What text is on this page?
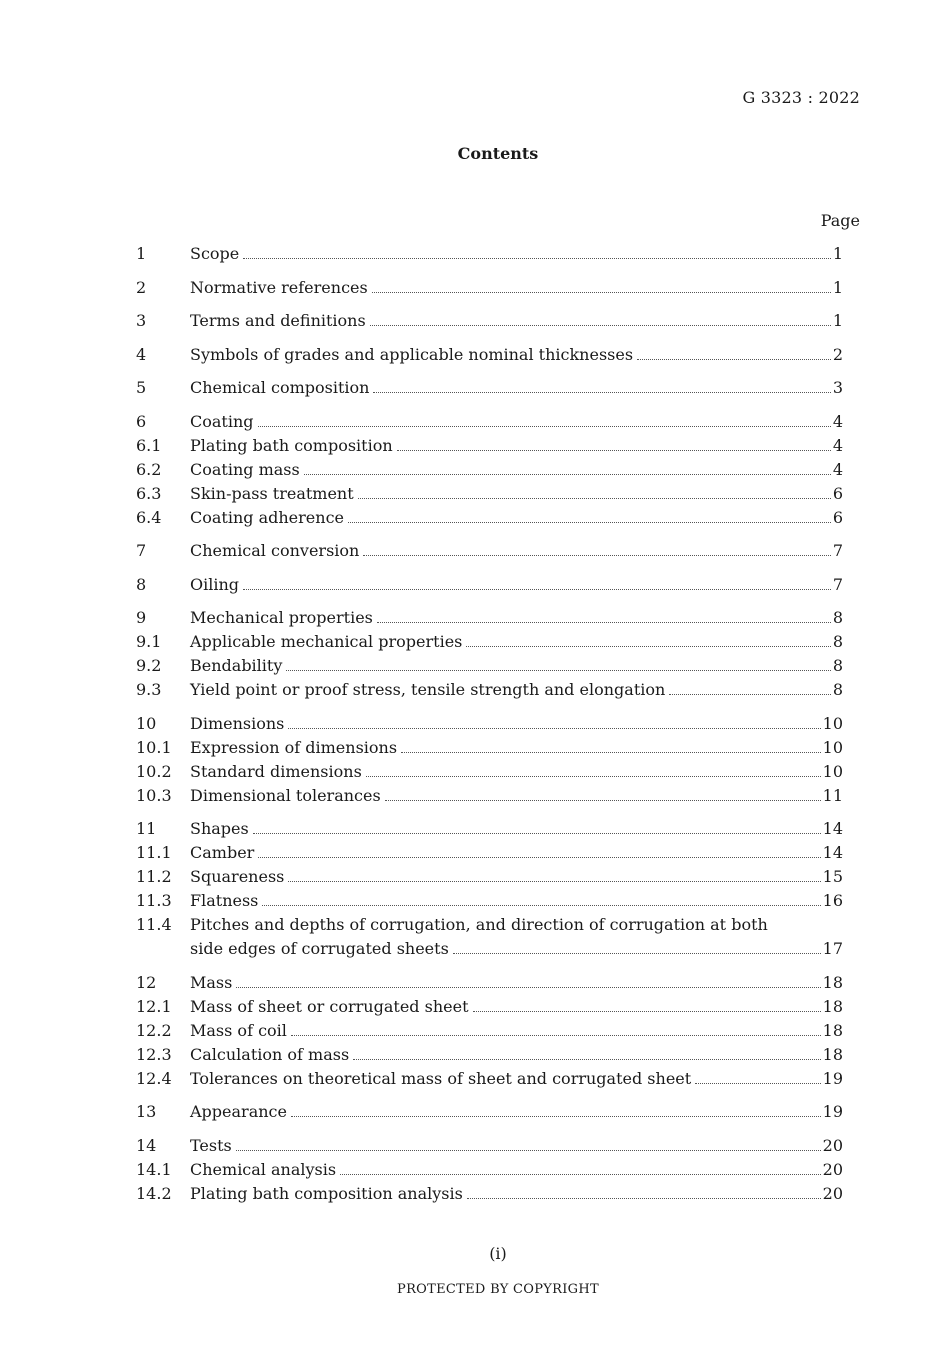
G 3323 : 2022
Contents
Page
1	Scope	1
2	Normative references	1
3	Terms and definitions	1
4	Symbols of grades and applicable nominal thicknesses	2
5	Chemical composition	3
6	Coating	4
6.1	Plating bath composition	4
6.2	Coating mass	4
6.3	Skin-pass treatment	6
6.4	Coating adherence	6
7	Chemical conversion	7
8	Oiling	7
9	Mechanical properties	8
9.1	Applicable mechanical properties	8
9.2	Bendability	8
9.3	Yield point or proof stress, tensile strength and elongation	8
10	Dimensions	10
10.1	Expression of dimensions	10
10.2	Standard dimensions	10
10.3	Dimensional tolerances	11
11	Shapes	14
11.1	Camber	14
11.2	Squareness	15
11.3	Flatness	16
11.4	Pitches and depths of corrugation, and direction of corrugation at both
side edges of corrugated sheets	17
12	Mass	18
12.1	Mass of sheet or corrugated sheet	18
12.2	Mass of coil	18
12.3	Calculation of mass	18
12.4	Tolerances on theoretical mass of sheet and corrugated sheet	19
13	Appearance	19
14	Tests	20
14.1	Chemical analysis	20
14.2	Plating bath composition analysis	20
(i)
PROTECTED BY COPYRIGHT
